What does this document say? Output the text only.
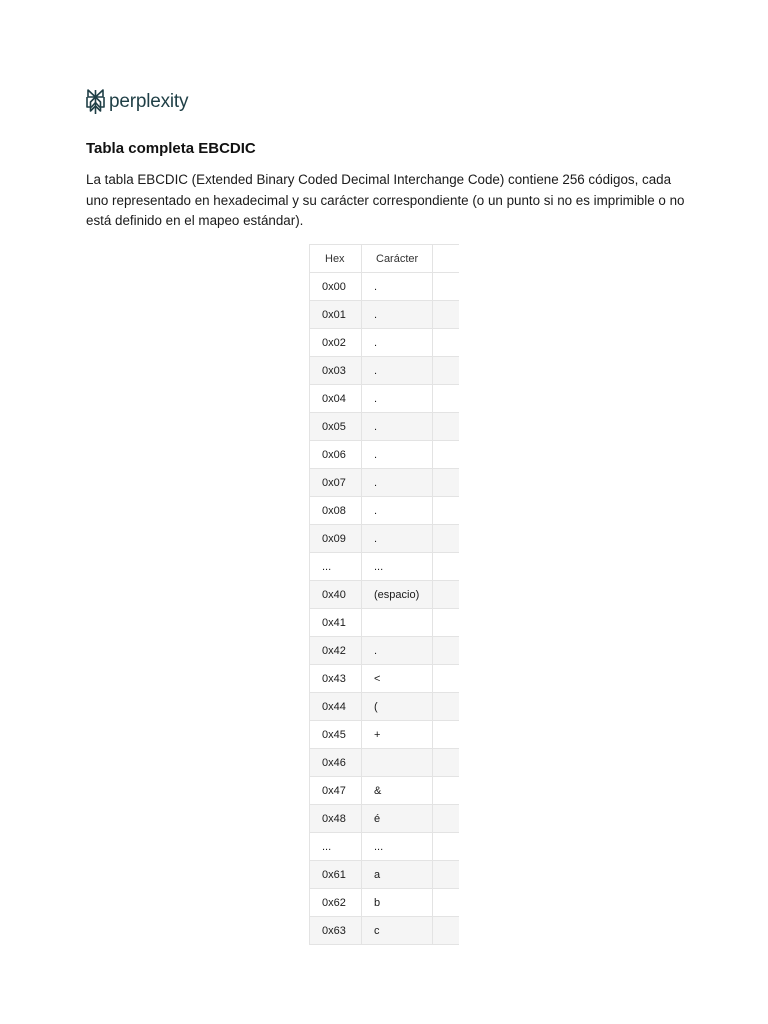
perplexity
Tabla completa EBCDIC

La tabla EBCDIC (Extended Binary Coded Decimal Interchange Code) contiene 256 códigos, cada uno representado en hexadecimal y su carácter correspondiente (o un punto si no es imprimible o no está definido en el mapeo estándar).

Hex	Carácter	
0x00	.	
0x01	.	
0x02	.	
0x03	.	
0x04	.	
0x05	.	
0x06	.	
0x07	.	
0x08	.	
0x09	.	
...	...	
0x40	(espacio)	
0x41		
0x42	.	
0x43	<	
0x44	(	
0x45	+	
0x46		
0x47	&	
0x48	é	
...	...	
0x61	a	
0x62	b	
0x63	c	
